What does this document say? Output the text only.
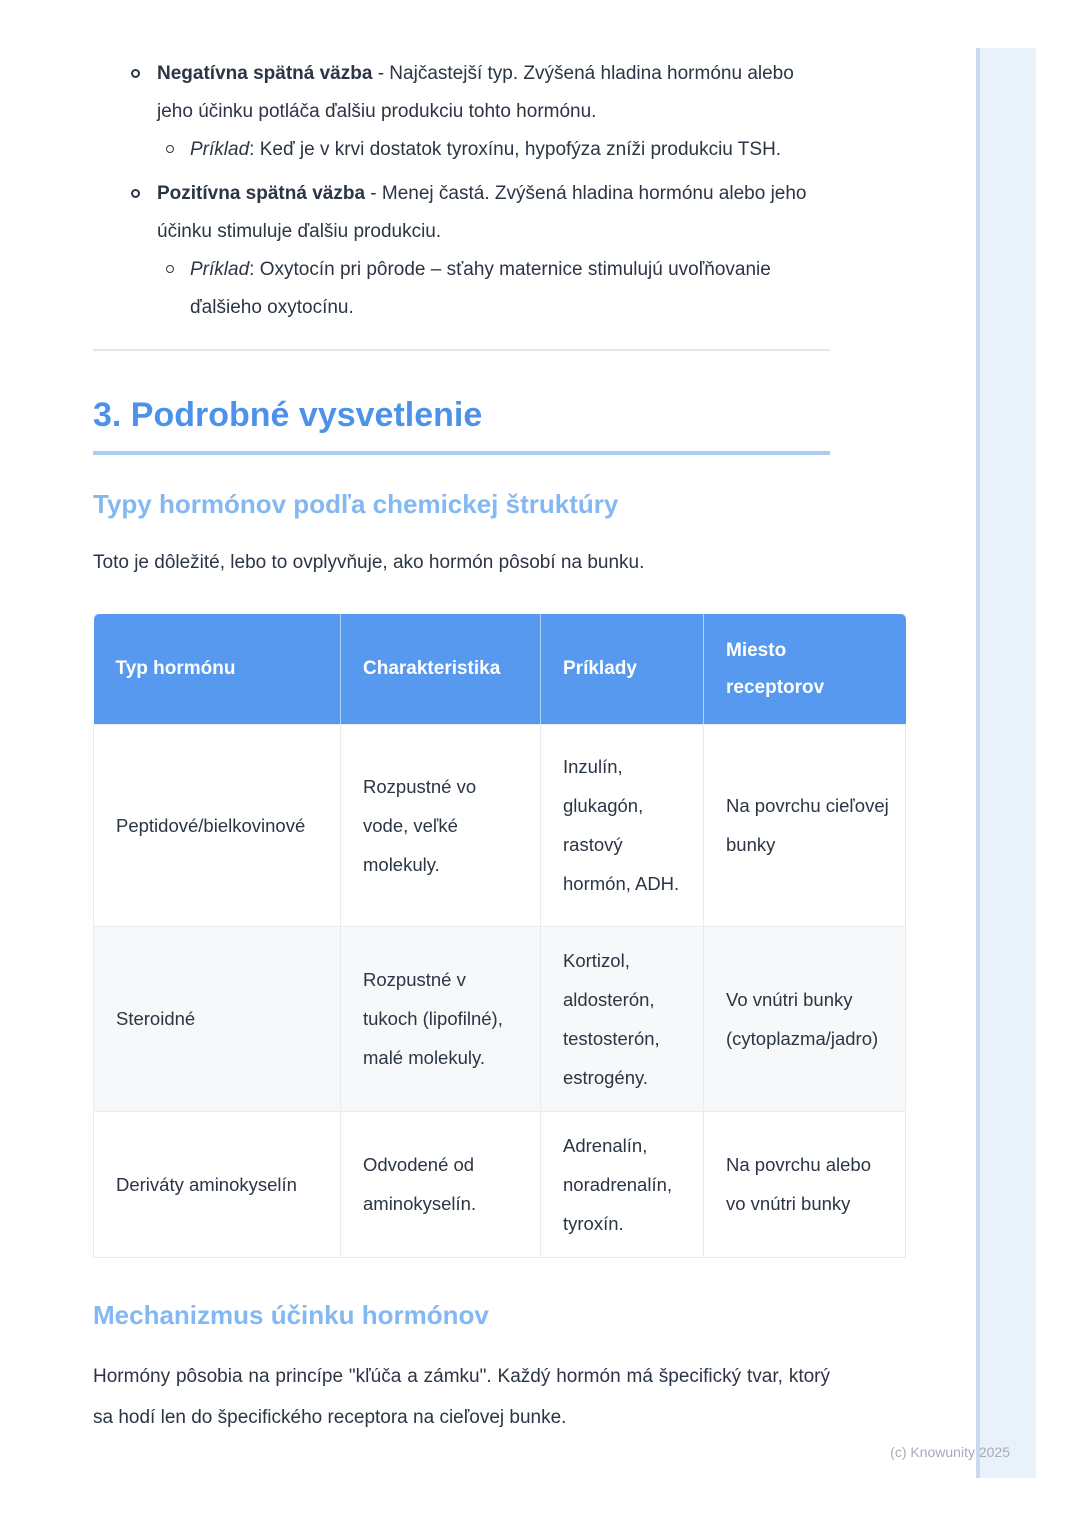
Negatívna spätná väzba - Najčastejší typ. Zvýšená hladina hormónu alebo jeho účinku potláča ďalšiu produkciu tohto hormónu.
Príklad: Keď je v krvi dostatok tyroxínu, hypofýza zníži produkciu TSH.
Pozitívna spätná väzba - Menej častá. Zvýšená hladina hormónu alebo jeho účinku stimuluje ďalšiu produkciu.
Príklad: Oxytocín pri pôrode – sťahy maternice stimulujú uvoľňovanie ďalšieho oxytocínu.
3. Podrobné vysvetlenie
Typy hormónov podľa chemickej štruktúry

Toto je dôležité, lebo to ovplyvňuje, ako hormón pôsobí na bunku.

Typ hormónu	Charakteristika	Príklady	Miesto receptorov
Peptidové/bielkovinové	Rozpustné vo vode, veľké molekuly.	Inzulín, glukagón, rastový hormón, ADH.	Na povrchu cieľovej bunky
Steroidné	Rozpustné v tukoch (lipofilné), malé molekuly.	Kortizol, aldosterón, testosterón, estrogény.	Vo vnútri bunky (cytoplazma/jadro)
Deriváty aminokyselín	Odvodené od aminokyselín.	Adrenalín, noradrenalín, tyroxín.	Na povrchu alebo vo vnútri bunky
Mechanizmus účinku hormónov

Hormóny pôsobia na princípe "kľúča a zámku". Každý hormón má špecifický tvar, ktorý sa hodí len do špecifického receptora na cieľovej bunke.

(c) Knowunity 2025
